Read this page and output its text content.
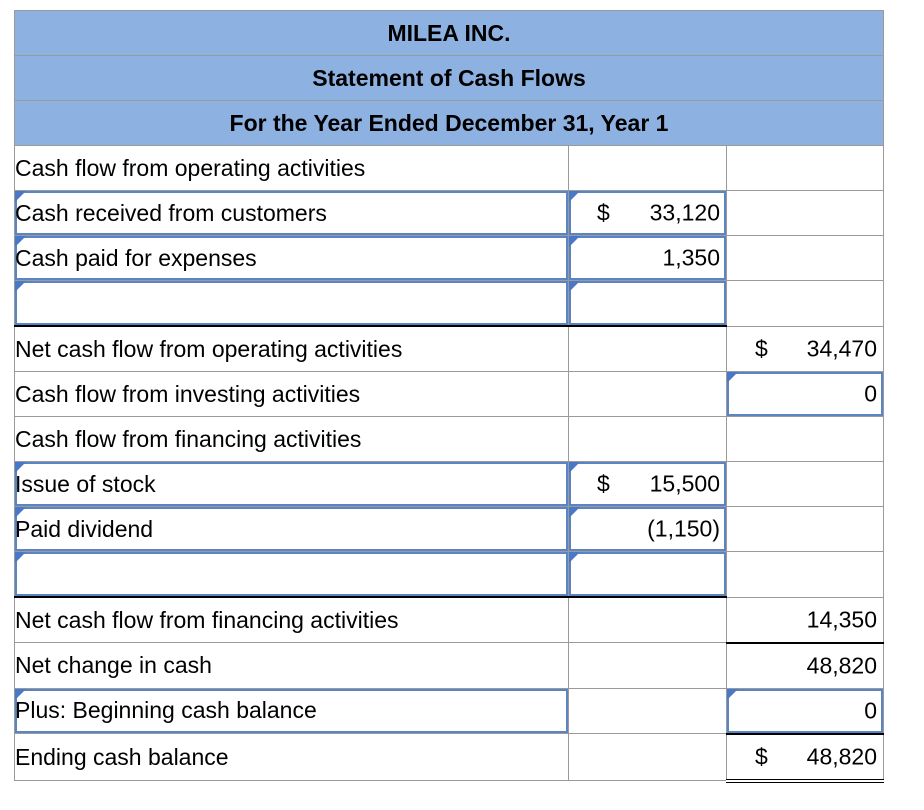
MILEA INC.		
Statement of Cash Flows		
For the Year Ended December 31, Year 1		
Cash flow from operating activities		
Cash received from customers	$ 33,120	

Cash paid for expenses	1,350	

Net cash flow from operating activities		$ 34,470

Cash flow from investing activities		0

Cash flow from financing activities		
Issue of stock	$ 15,500	

Paid dividend	(1,150)	

Net cash flow from financing activities		14,350

Net change in cash		48,820

Plus: Beginning cash balance		0

Ending cash balance		$ 48,820
